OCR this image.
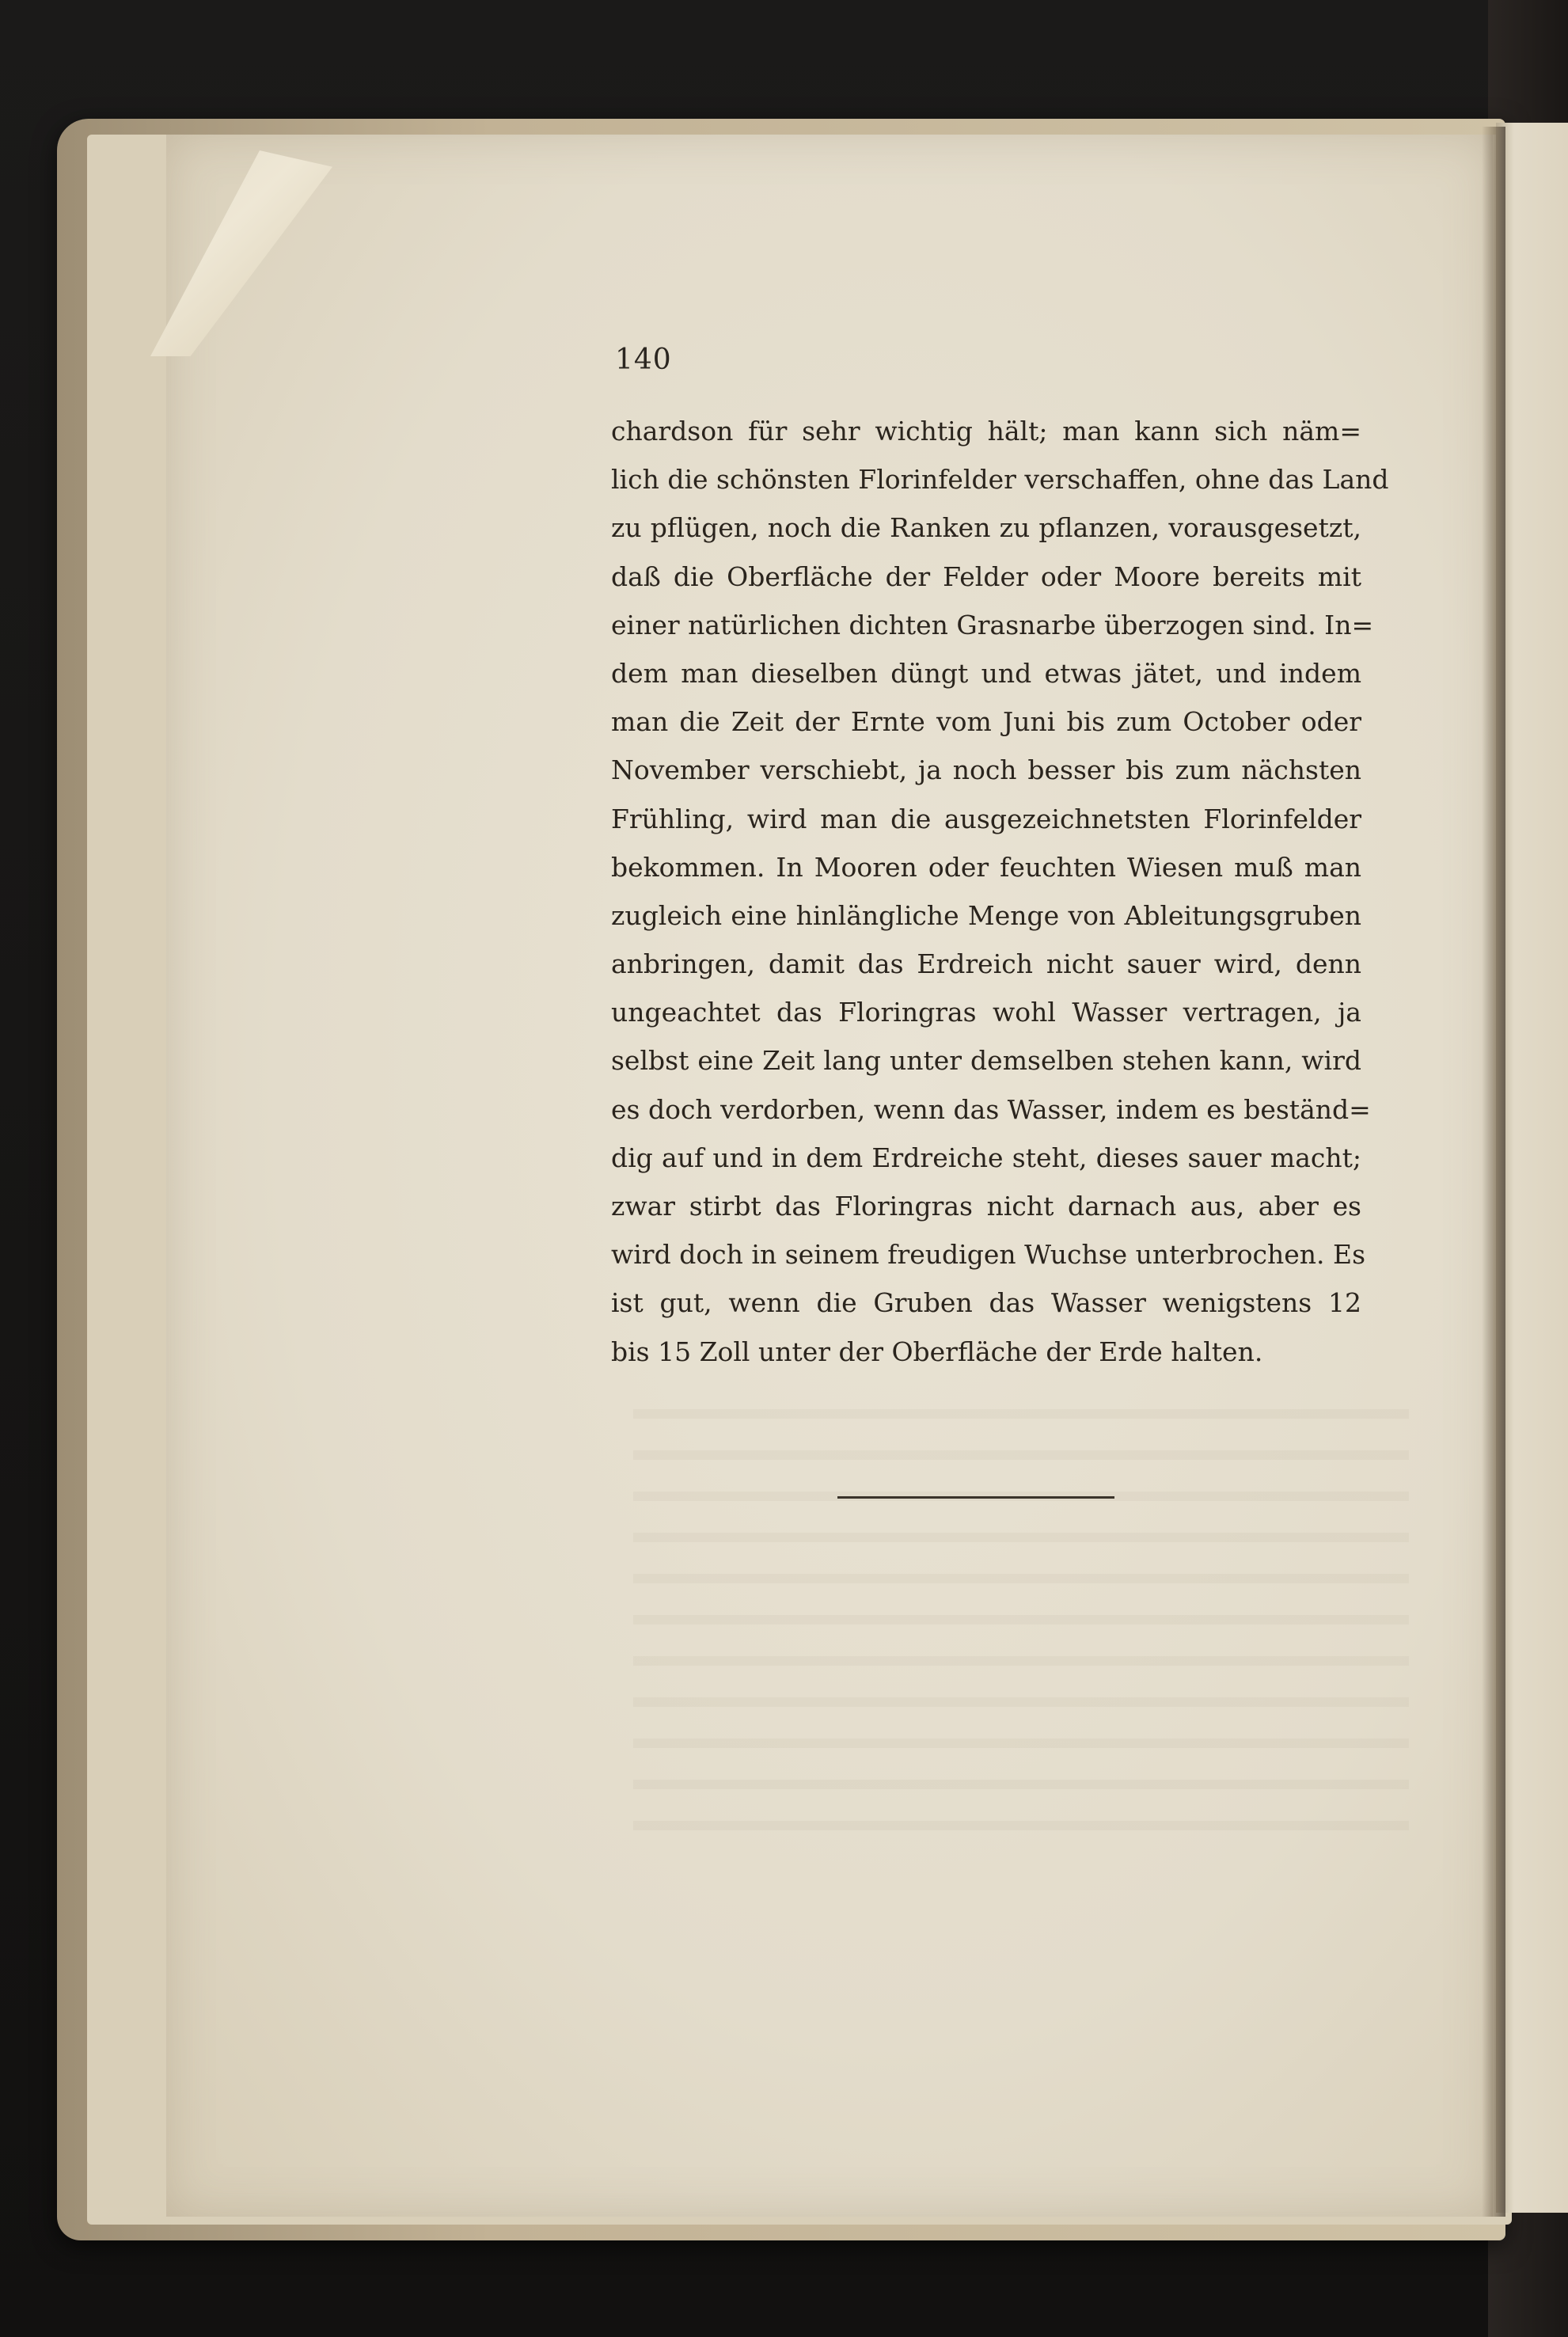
140
chardson für sehr wichtig hält; man kann sich näm=
lich die schönsten Florinfelder verschaffen, ohne das Land
zu pflügen, noch die Ranken zu pflanzen, vorausgesetzt,
daß die Oberfläche der Felder oder Moore bereits mit
einer natürlichen dichten Grasnarbe überzogen sind. In=
dem man dieselben düngt und etwas jätet, und indem
man die Zeit der Ernte vom Juni bis zum October oder
November verschiebt, ja noch besser bis zum nächsten
Frühling, wird man die ausgezeichnetsten Florinfelder
bekommen. In Mooren oder feuchten Wiesen muß man
zugleich eine hinlängliche Menge von Ableitungsgruben
anbringen, damit das Erdreich nicht sauer wird, denn
ungeachtet das Floringras wohl Wasser vertragen, ja
selbst eine Zeit lang unter demselben stehen kann, wird
es doch verdorben, wenn das Wasser, indem es beständ=
dig auf und in dem Erdreiche steht, dieses sauer macht;
zwar stirbt das Floringras nicht darnach aus, aber es
wird doch in seinem freudigen Wuchse unterbrochen. Es
ist gut, wenn die Gruben das Wasser wenigstens 12
bis 15 Zoll unter der Oberfläche der Erde halten.
